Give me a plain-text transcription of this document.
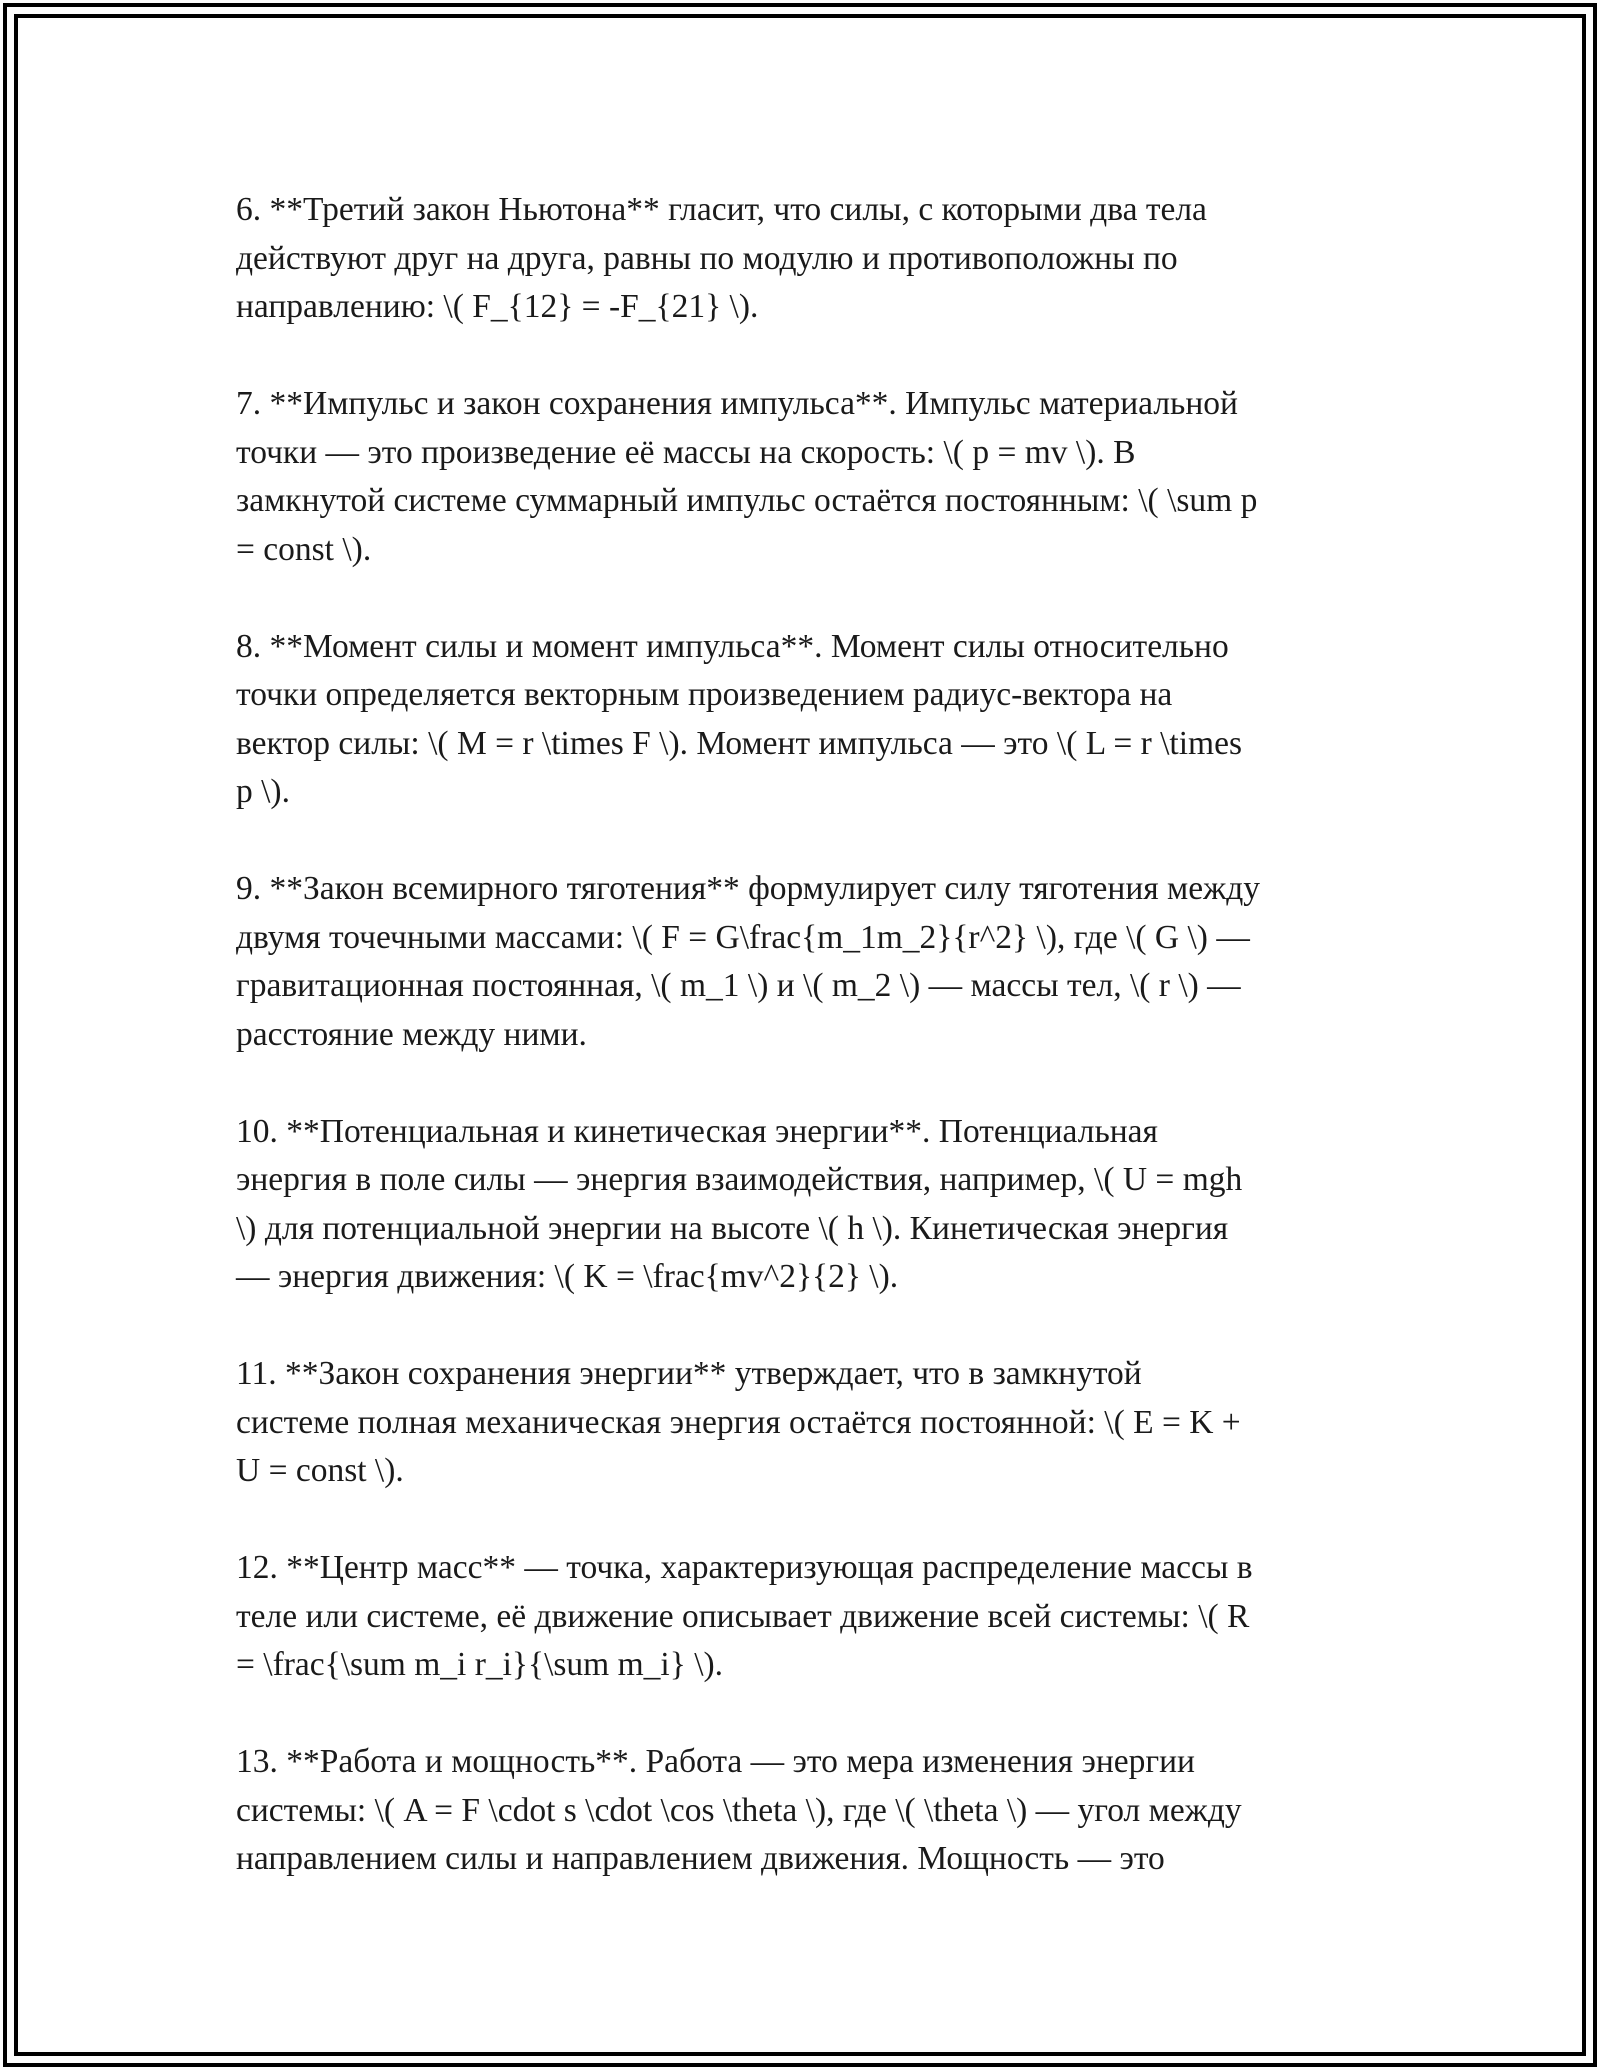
6. **Третий закон Ньютона** гласит, что силы, с которыми два тела
действуют друг на друга, равны по модулю и противоположны по
направлению: \( F_{12} = -F_{21} \).

7. **Импульс и закон сохранения импульса**. Импульс материальной
точки — это произведение её массы на скорость: \( p = mv \). В
замкнутой системе суммарный импульс остаётся постоянным: \( \sum p
= const \).

8. **Момент силы и момент импульса**. Момент силы относительно
точки определяется векторным произведением радиус-вектора на
вектор силы: \( M = r \times F \). Момент импульса — это \( L = r \times
p \).

9. **Закон всемирного тяготения** формулирует силу тяготения между
двумя точечными массами: \( F = G\frac{m_1m_2}{r^2} \), где \( G \) —
гравитационная постоянная, \( m_1 \) и \( m_2 \) — массы тел, \( r \) —
расстояние между ними.

10. **Потенциальная и кинетическая энергии**. Потенциальная
энергия в поле силы — энергия взаимодействия, например, \( U = mgh
\) для потенциальной энергии на высоте \( h \). Кинетическая энергия
— энергия движения: \( K = \frac{mv^2}{2} \).

11. **Закон сохранения энергии** утверждает, что в замкнутой
системе полная механическая энергия остаётся постоянной: \( E = K +
U = const \).

12. **Центр масс** — точка, характеризующая распределение массы в
теле или системе, её движение описывает движение всей системы: \( R
= \frac{\sum m_i r_i}{\sum m_i} \).

13. **Работа и мощность**. Работа — это мера изменения энергии
системы: \( A = F \cdot s \cdot \cos \theta \), где \( \theta \) — угол между
направлением силы и направлением движения. Мощность — это
